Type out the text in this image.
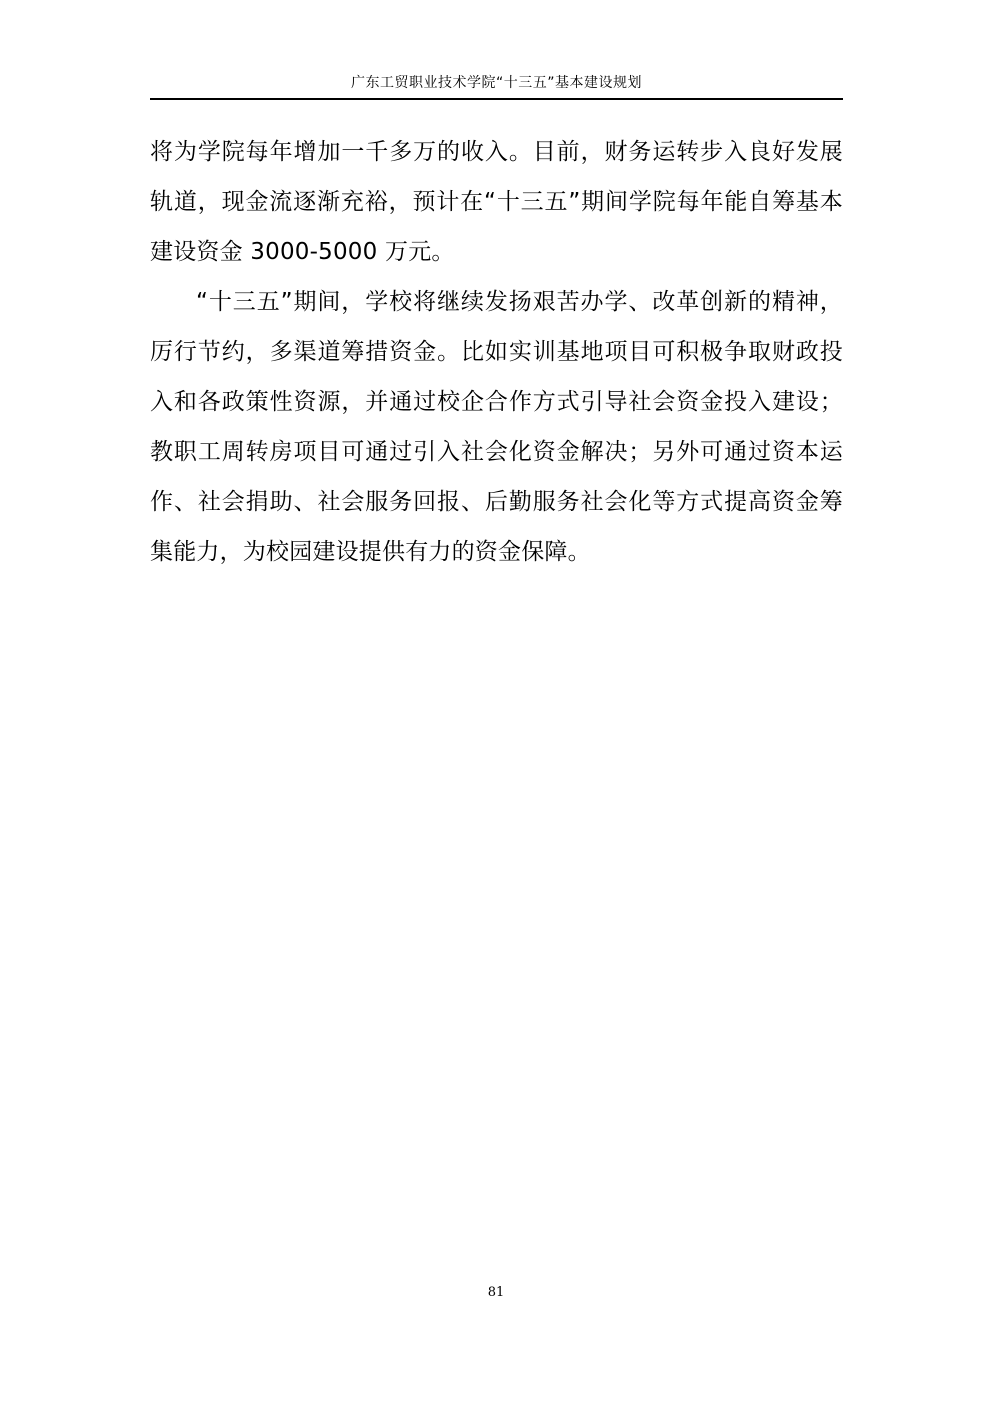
广东工贸职业技术学院“十三五”基本建设规划

将为学院每年增加一千多万的收入。目前，财务运转步入良好发展轨道，现金流逐渐充裕，预计在“十三五”期间学院每年能自筹基本建设资金 3000-5000 万元。

“十三五”期间，学校将继续发扬艰苦办学、改革创新的精神，厉行节约，多渠道筹措资金。比如实训基地项目可积极争取财政投入和各政策性资源，并通过校企合作方式引导社会资金投入建设；教职工周转房项目可通过引入社会化资金解决；另外可通过资本运作、社会捐助、社会服务回报、后勤服务社会化等方式提高资金筹集能力，为校园建设提供有力的资金保障。

81
